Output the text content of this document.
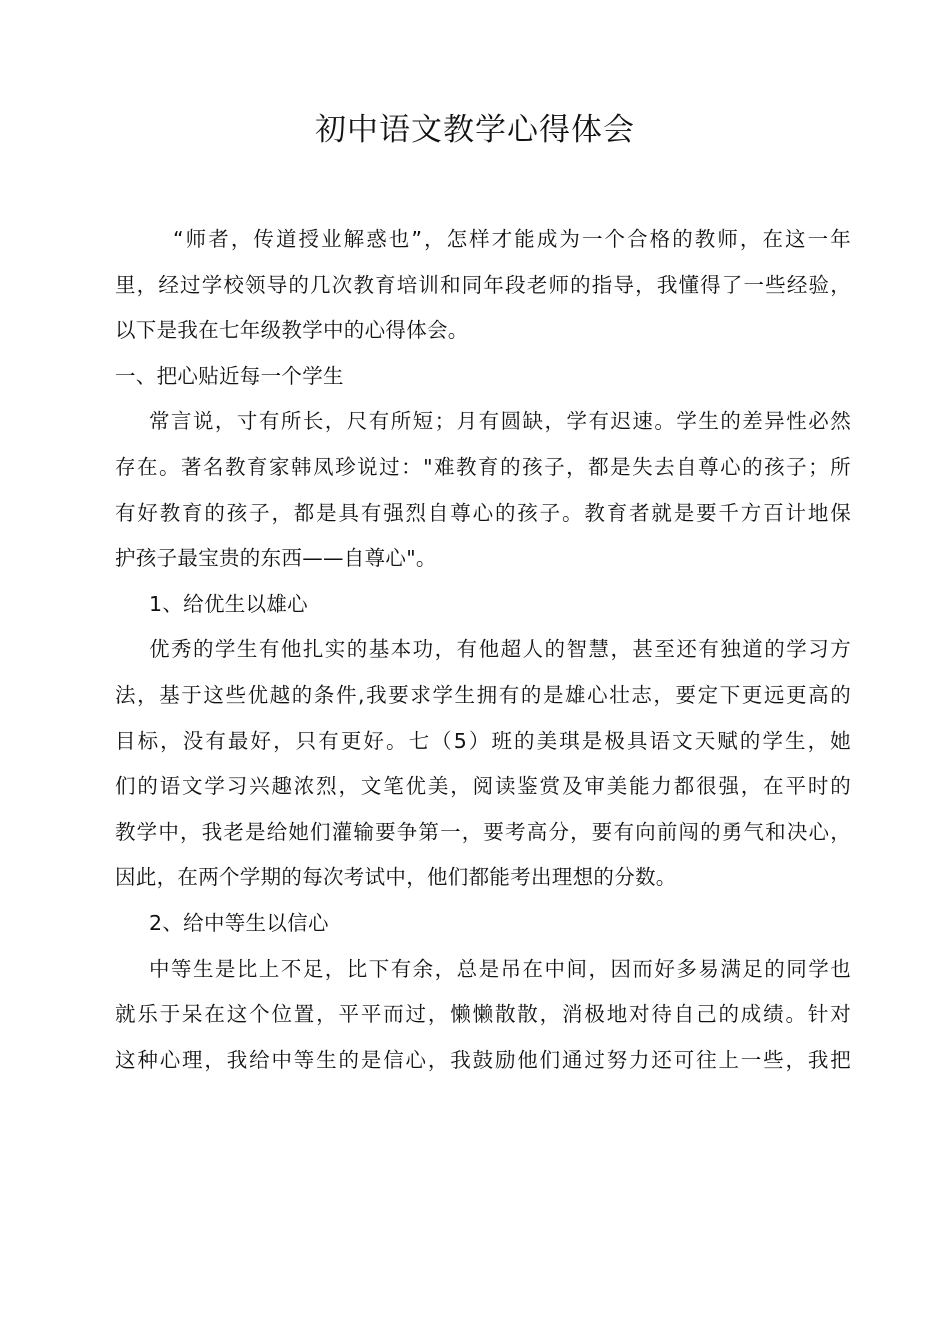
初中语文教学心得体会
“师者，传道授业解惑也”，怎样才能成为一个合格的教师，在这一年
里，经过学校领导的几次教育培训和同年段老师的指导，我懂得了一些经验，
以下是我在七年级教学中的心得体会。
一、把心贴近每一个学生
常言说，寸有所长，尺有所短；月有圆缺，学有迟速。学生的差异性必然
存在。著名教育家韩凤珍说过："难教育的孩子，都是失去自尊心的孩子；所
有好教育的孩子，都是具有强烈自尊心的孩子。教育者就是要千方百计地保
护孩子最宝贵的东西——自尊心"。
1、给优生以雄心
优秀的学生有他扎实的基本功，有他超人的智慧，甚至还有独道的学习方
法，基于这些优越的条件,我要求学生拥有的是雄心壮志，要定下更远更高的
目标，没有最好，只有更好。七（5）班的美琪是极具语文天赋的学生，她
们的语文学习兴趣浓烈，文笔优美，阅读鉴赏及审美能力都很强，在平时的
教学中，我老是给她们灌输要争第一，要考高分，要有向前闯的勇气和决心，
因此，在两个学期的每次考试中，他们都能考出理想的分数。
2、给中等生以信心
中等生是比上不足，比下有余，总是吊在中间，因而好多易满足的同学也
就乐于呆在这个位置，平平而过，懒懒散散，消极地对待自己的成绩。针对
这种心理，我给中等生的是信心，我鼓励他们通过努力还可往上一些，我把
